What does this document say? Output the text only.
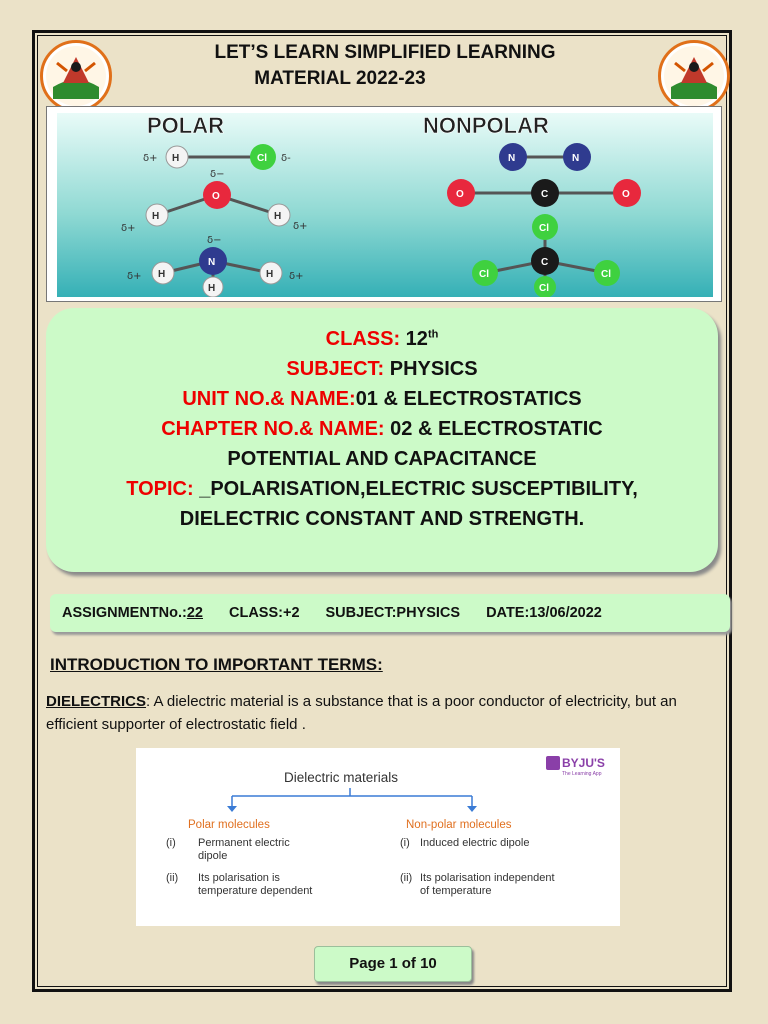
LET’S LEARN SIMPLIFIED LEARNING
MATERIAL 2022-23
POLAR	NONPOLAR
H	Cl
δ+	δ-
O
H	H
δ−
δ+	δ+
N
H	H
H
δ−
δ+	δ+
N	N
O	C	O
Cl
Cl	Cl
C
Cl
CLASS: 12th
SUBJECT: PHYSICS
UNIT NO.& NAME:01 & ELECTROSTATICS
CHAPTER NO.& NAME: 02 & ELECTROSTATIC
POTENTIAL AND CAPACITANCE
TOPIC: _POLARISATION,ELECTRIC SUSCEPTIBILITY,
DIELECTRIC CONSTANT AND STRENGTH.
ASSIGNMENTNo.:22 CLASS:+2 SUBJECT:PHYSICS DATE:13/06/2022
INTRODUCTION TO IMPORTANT TERMS:
DIELECTRICS: A dielectric material is a substance that is a poor conductor of electricity, but an efficient supporter of electrostatic field .
BYJU'S
The Learning App
Dielectric materials
Polar molecules
(i) Permanent electric
dipole
(ii) Its polarisation is
temperature dependent
Non-polar molecules
(i) Induced electric dipole
(ii) Its polarisation independent
of temperature
Page 1 of 10
